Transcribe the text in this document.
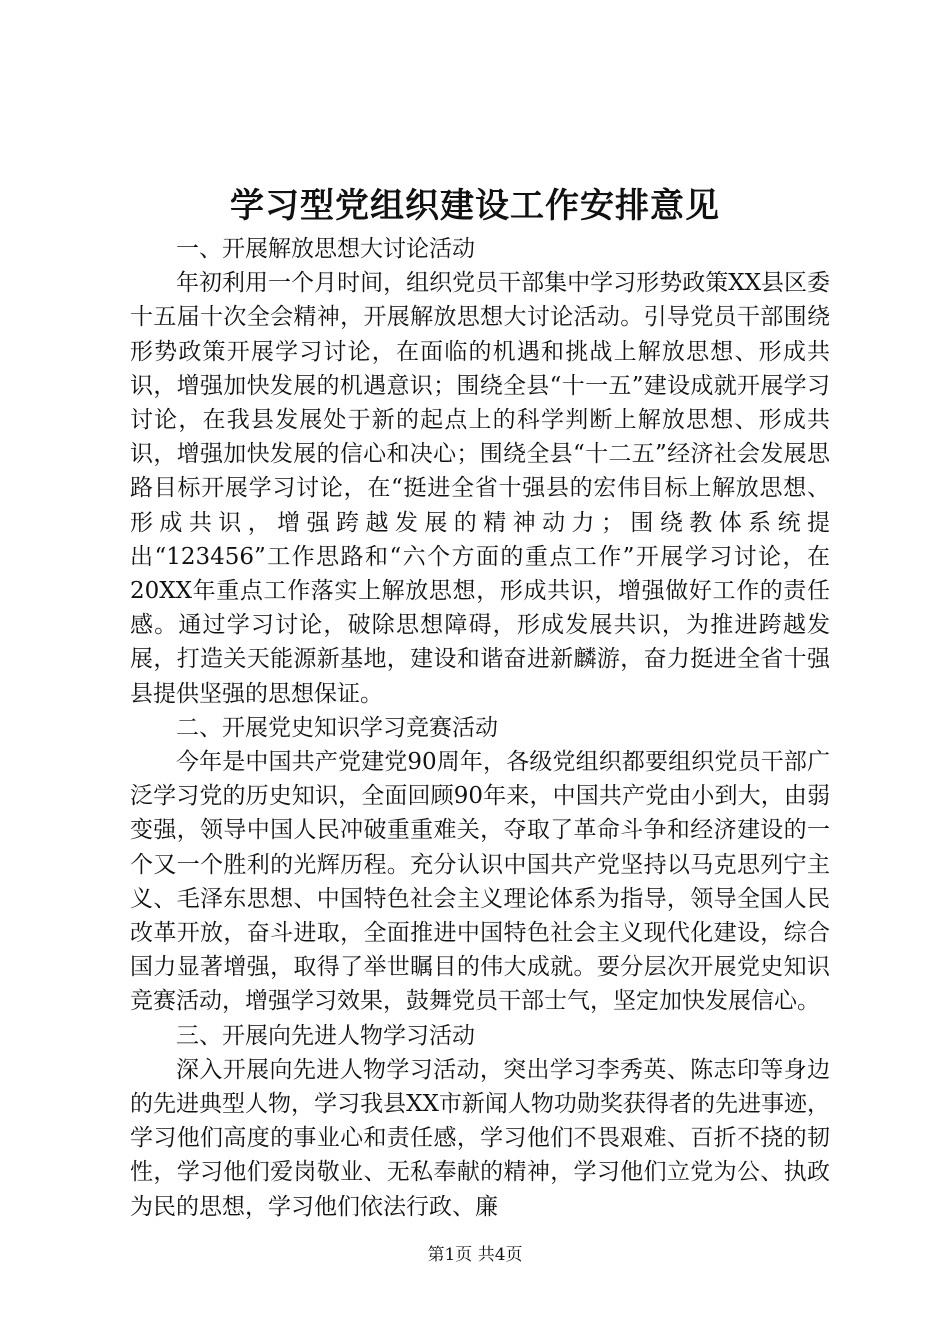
学习型党组织建设工作安排意见

一、开展解放思想大讨论活动

年初利用一个月时间，组织党员干部集中学习形势政策XX县区委十五届十次全会精神，开展解放思想大讨论活动。引导党员干部围绕形势政策开展学习讨论，在面临的机遇和挑战上解放思想、形成共识，增强加快发展的机遇意识；围绕全县“十一五”建设成就开展学习讨论，在我县发展处于新的起点上的科学判断上解放思想、形成共识，增强加快发展的信心和决心；围绕全县“十二五”经济社会发展思路目标开展学习讨论，在“挺进全省十强县的宏伟目标上解放思想、形成共识，增强跨越发展的精神动力；围绕教体系统提出“123456”工作思路和“六个方面的重点工作”开展学习讨论，在20XX年重点工作落实上解放思想，形成共识，增强做好工作的责任感。通过学习讨论，破除思想障碍，形成发展共识，为推进跨越发展，打造关天能源新基地，建设和谐奋进新麟游，奋力挺进全省十强县提供坚强的思想保证。

二、开展党史知识学习竞赛活动

今年是中国共产党建党90周年，各级党组织都要组织党员干部广泛学习党的历史知识，全面回顾90年来，中国共产党由小到大，由弱变强，领导中国人民冲破重重难关，夺取了革命斗争和经济建设的一个又一个胜利的光辉历程。充分认识中国共产党坚持以马克思列宁主义、毛泽东思想、中国特色社会主义理论体系为指导，领导全国人民改革开放，奋斗进取，全面推进中国特色社会主义现代化建设，综合国力显著增强，取得了举世瞩目的伟大成就。要分层次开展党史知识竞赛活动，增强学习效果，鼓舞党员干部士气，坚定加快发展信心。

三、开展向先进人物学习活动

深入开展向先进人物学习活动，突出学习李秀英、陈志印等身边的先进典型人物，学习我县XX市新闻人物功勋奖获得者的先进事迹，学习他们高度的事业心和责任感，学习他们不畏艰难、百折不挠的韧性，学习他们爱岗敬业、无私奉献的精神，学习他们立党为公、执政为民的思想，学习他们依法行政、廉

第1页 共4页
